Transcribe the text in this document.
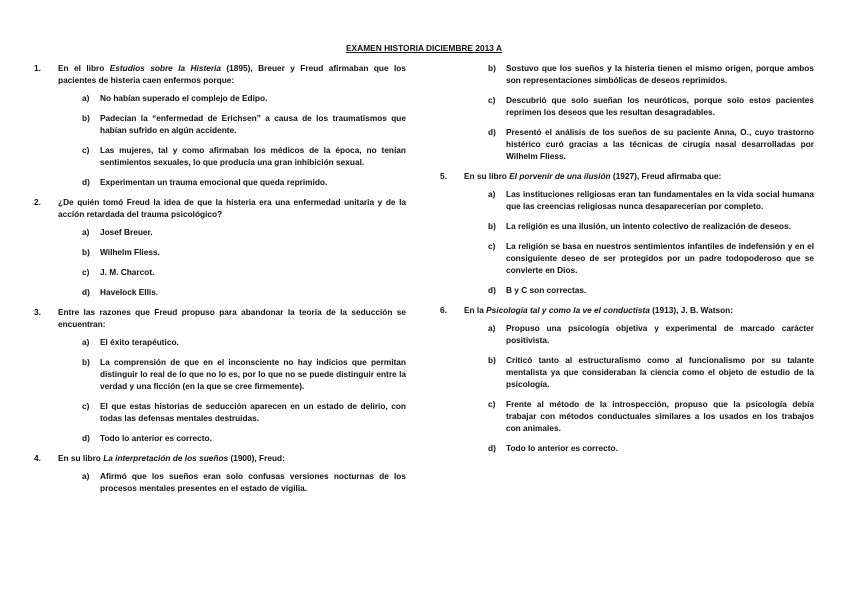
EXAMEN HISTORIA DICIEMBRE 2013 A
1. En el libro Estudios sobre la Histeria (1895), Breuer y Freud afirmaban que los pacientes de histeria caen enfermos porque:
a) No habían superado el complejo de Edipo.
b) Padecían la “enfermedad de Erichsen” a causa de los traumatismos que habían sufrido en algún accidente.
c) Las mujeres, tal y como afirmaban los médicos de la época, no tenían sentimientos sexuales, lo que producía una gran inhibición sexual.
d) Experimentan un trauma emocional que queda reprimido.
2. ¿De quién tomó Freud la idea de que la histeria era una enfermedad unitaria y de la acción retardada del trauma psicológico?
a) Josef Breuer.
b) Wilhelm Fliess.
c) J. M. Charcot.
d) Havelock Ellis.
3. Entre las razones que Freud propuso para abandonar la teoría de la seducción se encuentran:
a) El éxito terapéutico.
b) La comprensión de que en el inconsciente no hay indicios que permitan distinguir lo real de lo que no lo es, por lo que no se puede distinguir entre la verdad y una ficción (en la que se cree firmemente).
c) El que estas historias de seducción aparecen en un estado de delirio, con todas las defensas mentales destruidas.
d) Todo lo anterior es correcto.
4. En su libro La interpretación de los sueños (1900), Freud:
a) Afirmó que los sueños eran solo confusas versiones nocturnas de los procesos mentales presentes en el estado de vigilia.
b) Sostuvo que los sueños y la histeria tienen el mismo origen, porque ambos son representaciones simbólicas de deseos reprimidos.
c) Descubrió que solo sueñan los neuróticos, porque solo estos pacientes reprimen los deseos que les resultan desagradables.
d) Presentó el análisis de los sueños de su paciente Anna, O., cuyo trastorno histérico curó gracias a las técnicas de cirugía nasal desarrolladas por Wilhelm Fliess.
5. En su libro El porvenir de una ilusión (1927), Freud afirmaba que:
a) Las instituciones religiosas eran tan fundamentales en la vida social humana que las creencias religiosas nunca desaparecerían por completo.
b) La religión es una ilusión, un intento colectivo de realización de deseos.
c) La religión se basa en nuestros sentimientos infantiles de indefensión y en el consiguiente deseo de ser protegidos por un padre todopoderoso que se convierte en Dios.
d) B y C son correctas.
6. En la Psicología tal y como la ve el conductista (1913), J. B. Watson:
a) Propuso una psicología objetiva y experimental de marcado carácter positivista.
b) Criticó tanto al estructuralismo como al funcionalismo por su talante mentalista ya que consideraban la ciencia como el objeto de estudio de la psicología.
c) Frente al método de la introspección, propuso que la psicología debía trabajar con métodos conductuales similares a los usados en los trabajos con animales.
d) Todo lo anterior es correcto.
